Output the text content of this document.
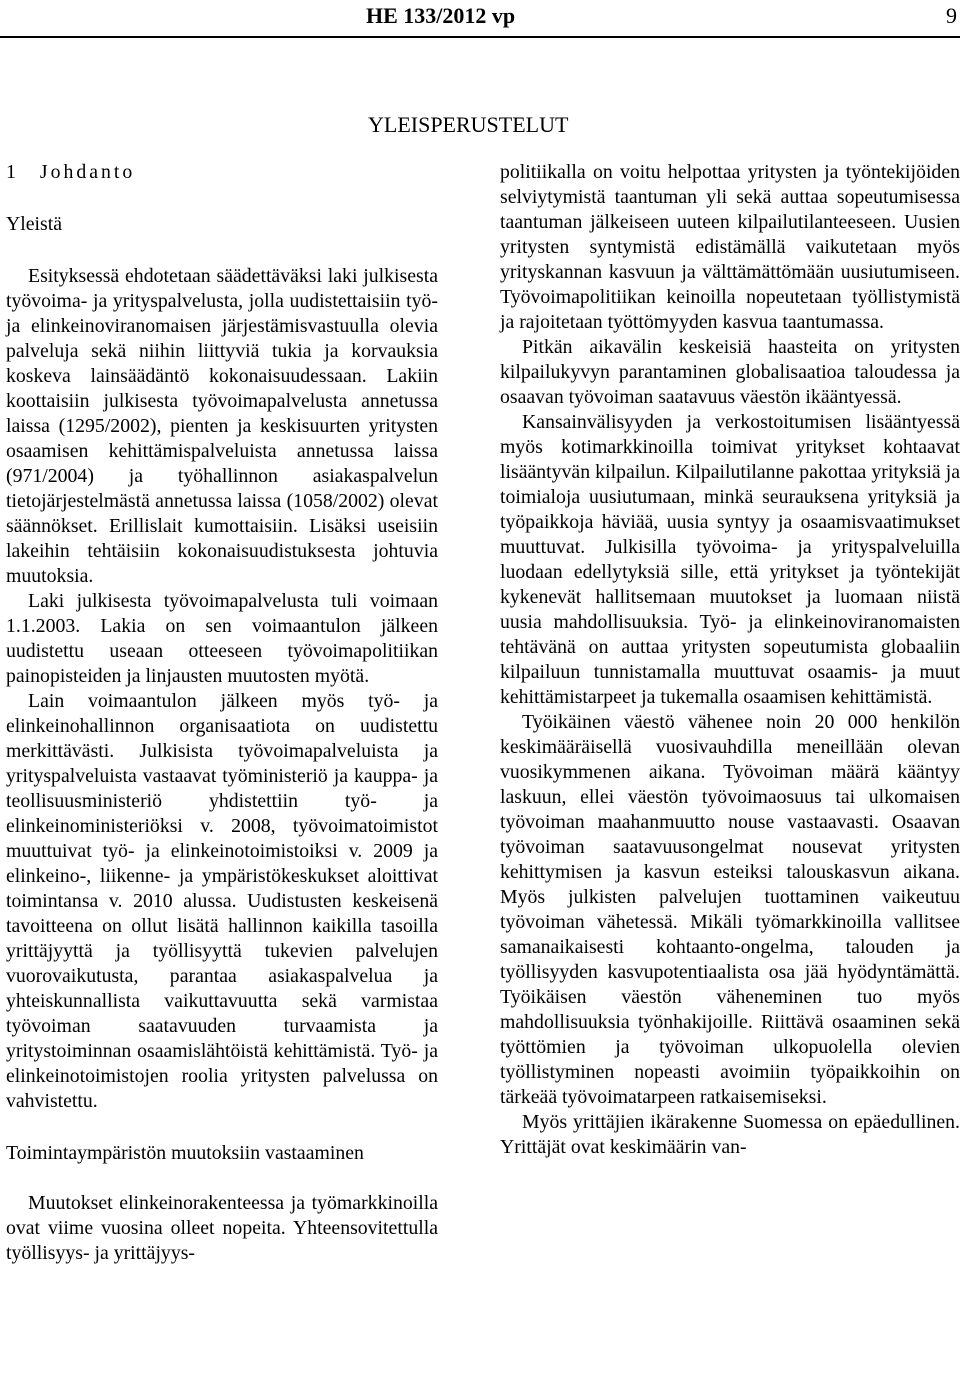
HE 133/2012 vp	9
YLEISPERUSTELUT

1 Johdanto

Yleistä

Esityksessä ehdotetaan säädettäväksi laki julkisesta työvoima- ja yrityspalvelusta, jolla uudistettaisiin työ- ja elinkeinoviranomaisen järjestämisvastuulla olevia palveluja sekä niihin liittyviä tukia ja korvauksia koskeva lainsäädäntö kokonaisuudessaan. Lakiin koottaisiin julkisesta työvoimapalvelusta annetussa laissa (1295/2002), pienten ja keskisuurten yritysten osaamisen kehittämispalveluista annetussa laissa (971/2004) ja työhallinnon asiakaspalvelun tietojärjestelmästä annetussa laissa (1058/2002) olevat säännökset. Erillislait kumottaisiin. Lisäksi useisiin lakeihin tehtäisiin kokonaisuudistuksesta johtuvia muutoksia.

Laki julkisesta työvoimapalvelusta tuli voimaan 1.1.2003. Lakia on sen voimaantulon jälkeen uudistettu useaan otteeseen työvoimapolitiikan painopisteiden ja linjausten muutosten myötä.

Lain voimaantulon jälkeen myös työ- ja elinkeinohallinnon organisaatiota on uudistettu merkittävästi. Julkisista työvoimapalveluista ja yrityspalveluista vastaavat työministeriö ja kauppa- ja teollisuusministeriö yhdistettiin työ- ja elinkeinoministeriöksi v. 2008, työvoimatoimistot muuttuivat työ- ja elinkeinotoimistoiksi v. 2009 ja elinkeino-, liikenne- ja ympäristökeskukset aloittivat toimintansa v. 2010 alussa. Uudistusten keskeisenä tavoitteena on ollut lisätä hallinnon kaikilla tasoilla yrittäjyyttä ja työllisyyttä tukevien palvelujen vuorovaikutusta, parantaa asiakaspalvelua ja yhteiskunnallista vaikuttavuutta sekä varmistaa työvoiman saatavuuden turvaamista ja yritystoiminnan osaamislähtöistä kehittämistä. Työ- ja elinkeinotoimistojen roolia yritysten palvelussa on vahvistettu.

Toimintaympäristön muutoksiin vastaaminen

Muutokset elinkeinorakenteessa ja työmarkkinoilla ovat viime vuosina olleet nopeita. Yhteensovitettulla työllisyys- ja yrittäjyys-

politiikalla on voitu helpottaa yritysten ja työntekijöiden selviytymistä taantuman yli sekä auttaa sopeutumisessa taantuman jälkeiseen uuteen kilpailutilanteeseen. Uusien yritysten syntymistä edistämällä vaikutetaan myös yrityskannan kasvuun ja välttämättömään uusiutumiseen. Työvoimapolitiikan keinoilla nopeutetaan työllistymistä ja rajoitetaan työttömyyden kasvua taantumassa.

Pitkän aikavälin keskeisiä haasteita on yritysten kilpailukyvyn parantaminen globalisaatioa taloudessa ja osaavan työvoiman saatavuus väestön ikääntyessä.

Kansainvälisyyden ja verkostoitumisen lisääntyessä myös kotimarkkinoilla toimivat yritykset kohtaavat lisääntyvän kilpailun. Kilpailutilanne pakottaa yrityksiä ja toimialoja uusiutumaan, minkä seurauksena yrityksiä ja työpaikkoja häviää, uusia syntyy ja osaamisvaatimukset muuttuvat. Julkisilla työvoima- ja yrityspalveluilla luodaan edellytyksiä sille, että yritykset ja työntekijät kykenevät hallitsemaan muutokset ja luomaan niistä uusia mahdollisuuksia. Työ- ja elinkeinoviranomaisten tehtävänä on auttaa yritysten sopeutumista globaaliin kilpailuun tunnistamalla muuttuvat osaamis- ja muut kehittämistarpeet ja tukemalla osaamisen kehittämistä.

Työikäinen väestö vähenee noin 20 000 henkilön keskimääräisellä vuosivauhdilla meneillään olevan vuosikymmenen aikana. Työvoiman määrä kääntyy laskuun, ellei väestön työvoimaosuus tai ulkomaisen työvoiman maahanmuutto nouse vastaavasti. Osaavan työvoiman saatavuusongelmat nousevat yritysten kehittymisen ja kasvun esteiksi talouskasvun aikana. Myös julkisten palvelujen tuottaminen vaikeutuu työvoiman vähetessä. Mikäli työmarkkinoilla vallitsee samanaikaisesti kohtaanto-ongelma, talouden ja työllisyyden kasvupotentiaalista osa jää hyödyntämättä. Työikäisen väestön väheneminen tuo myös mahdollisuuksia työnhakijoille. Riittävä osaaminen sekä työttömien ja työvoiman ulkopuolella olevien työllistyminen nopeasti avoimiin työpaikkoihin on tärkeää työvoimatarpeen ratkaisemiseksi.

Myös yrittäjien ikärakenne Suomessa on epäedullinen. Yrittäjät ovat keskimäärin van-
